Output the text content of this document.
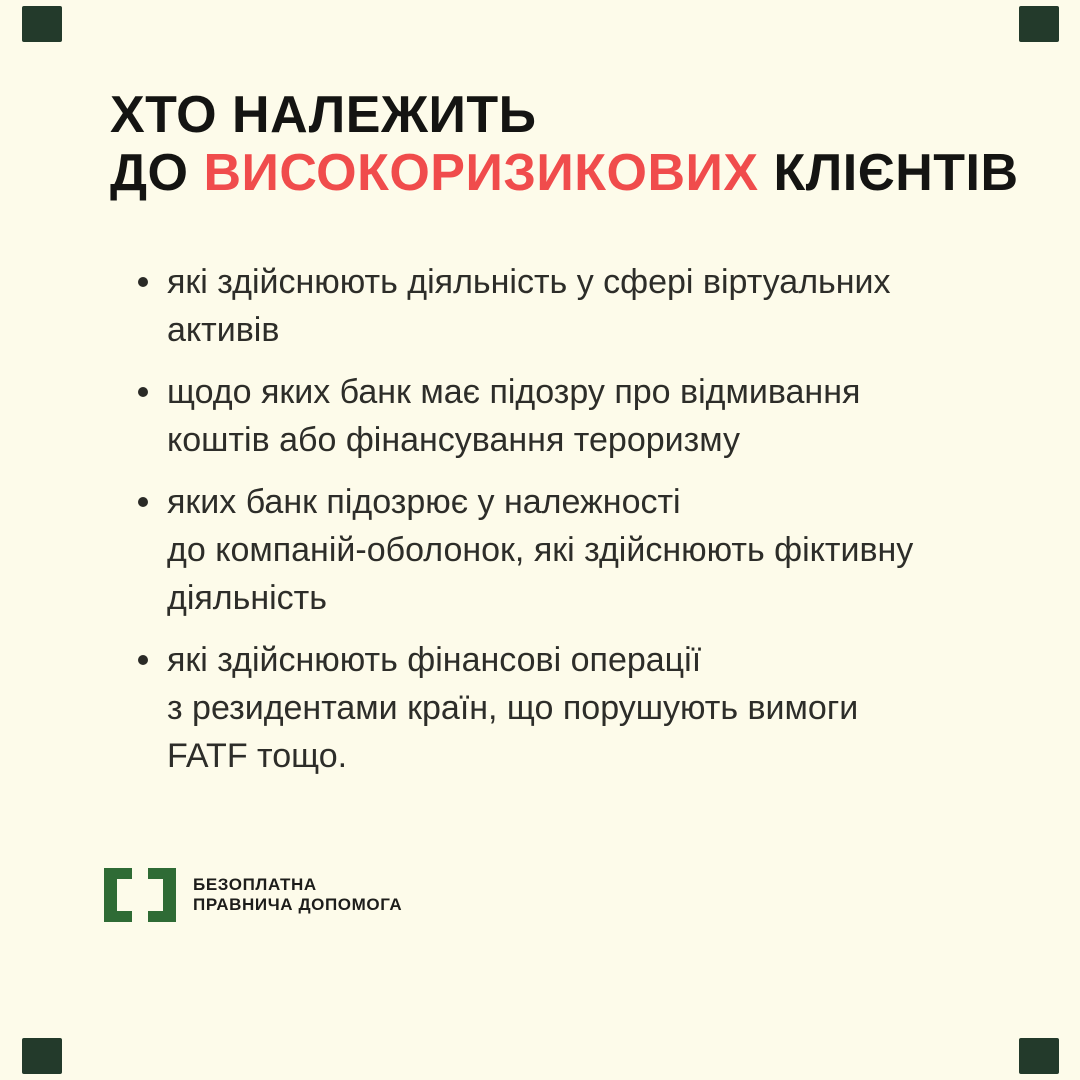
ХТО НАЛЕЖИТЬ
ДО ВИСОКОРИЗИКОВИХ КЛІЄНТІВ
які здійснюють діяльність у сфері віртуальних
активів
щодо яких банк має підозру про відмивання
коштів або фінансування тероризму
яких банк підозрює у належності
до компаній-оболонок, які здійснюють фіктивну
діяльність
які здійснюють фінансові операції
з резидентами країн, що порушують вимоги
FATF тощо.
БЕЗОПЛАТНА
ПРАВНИЧА ДОПОМОГА
